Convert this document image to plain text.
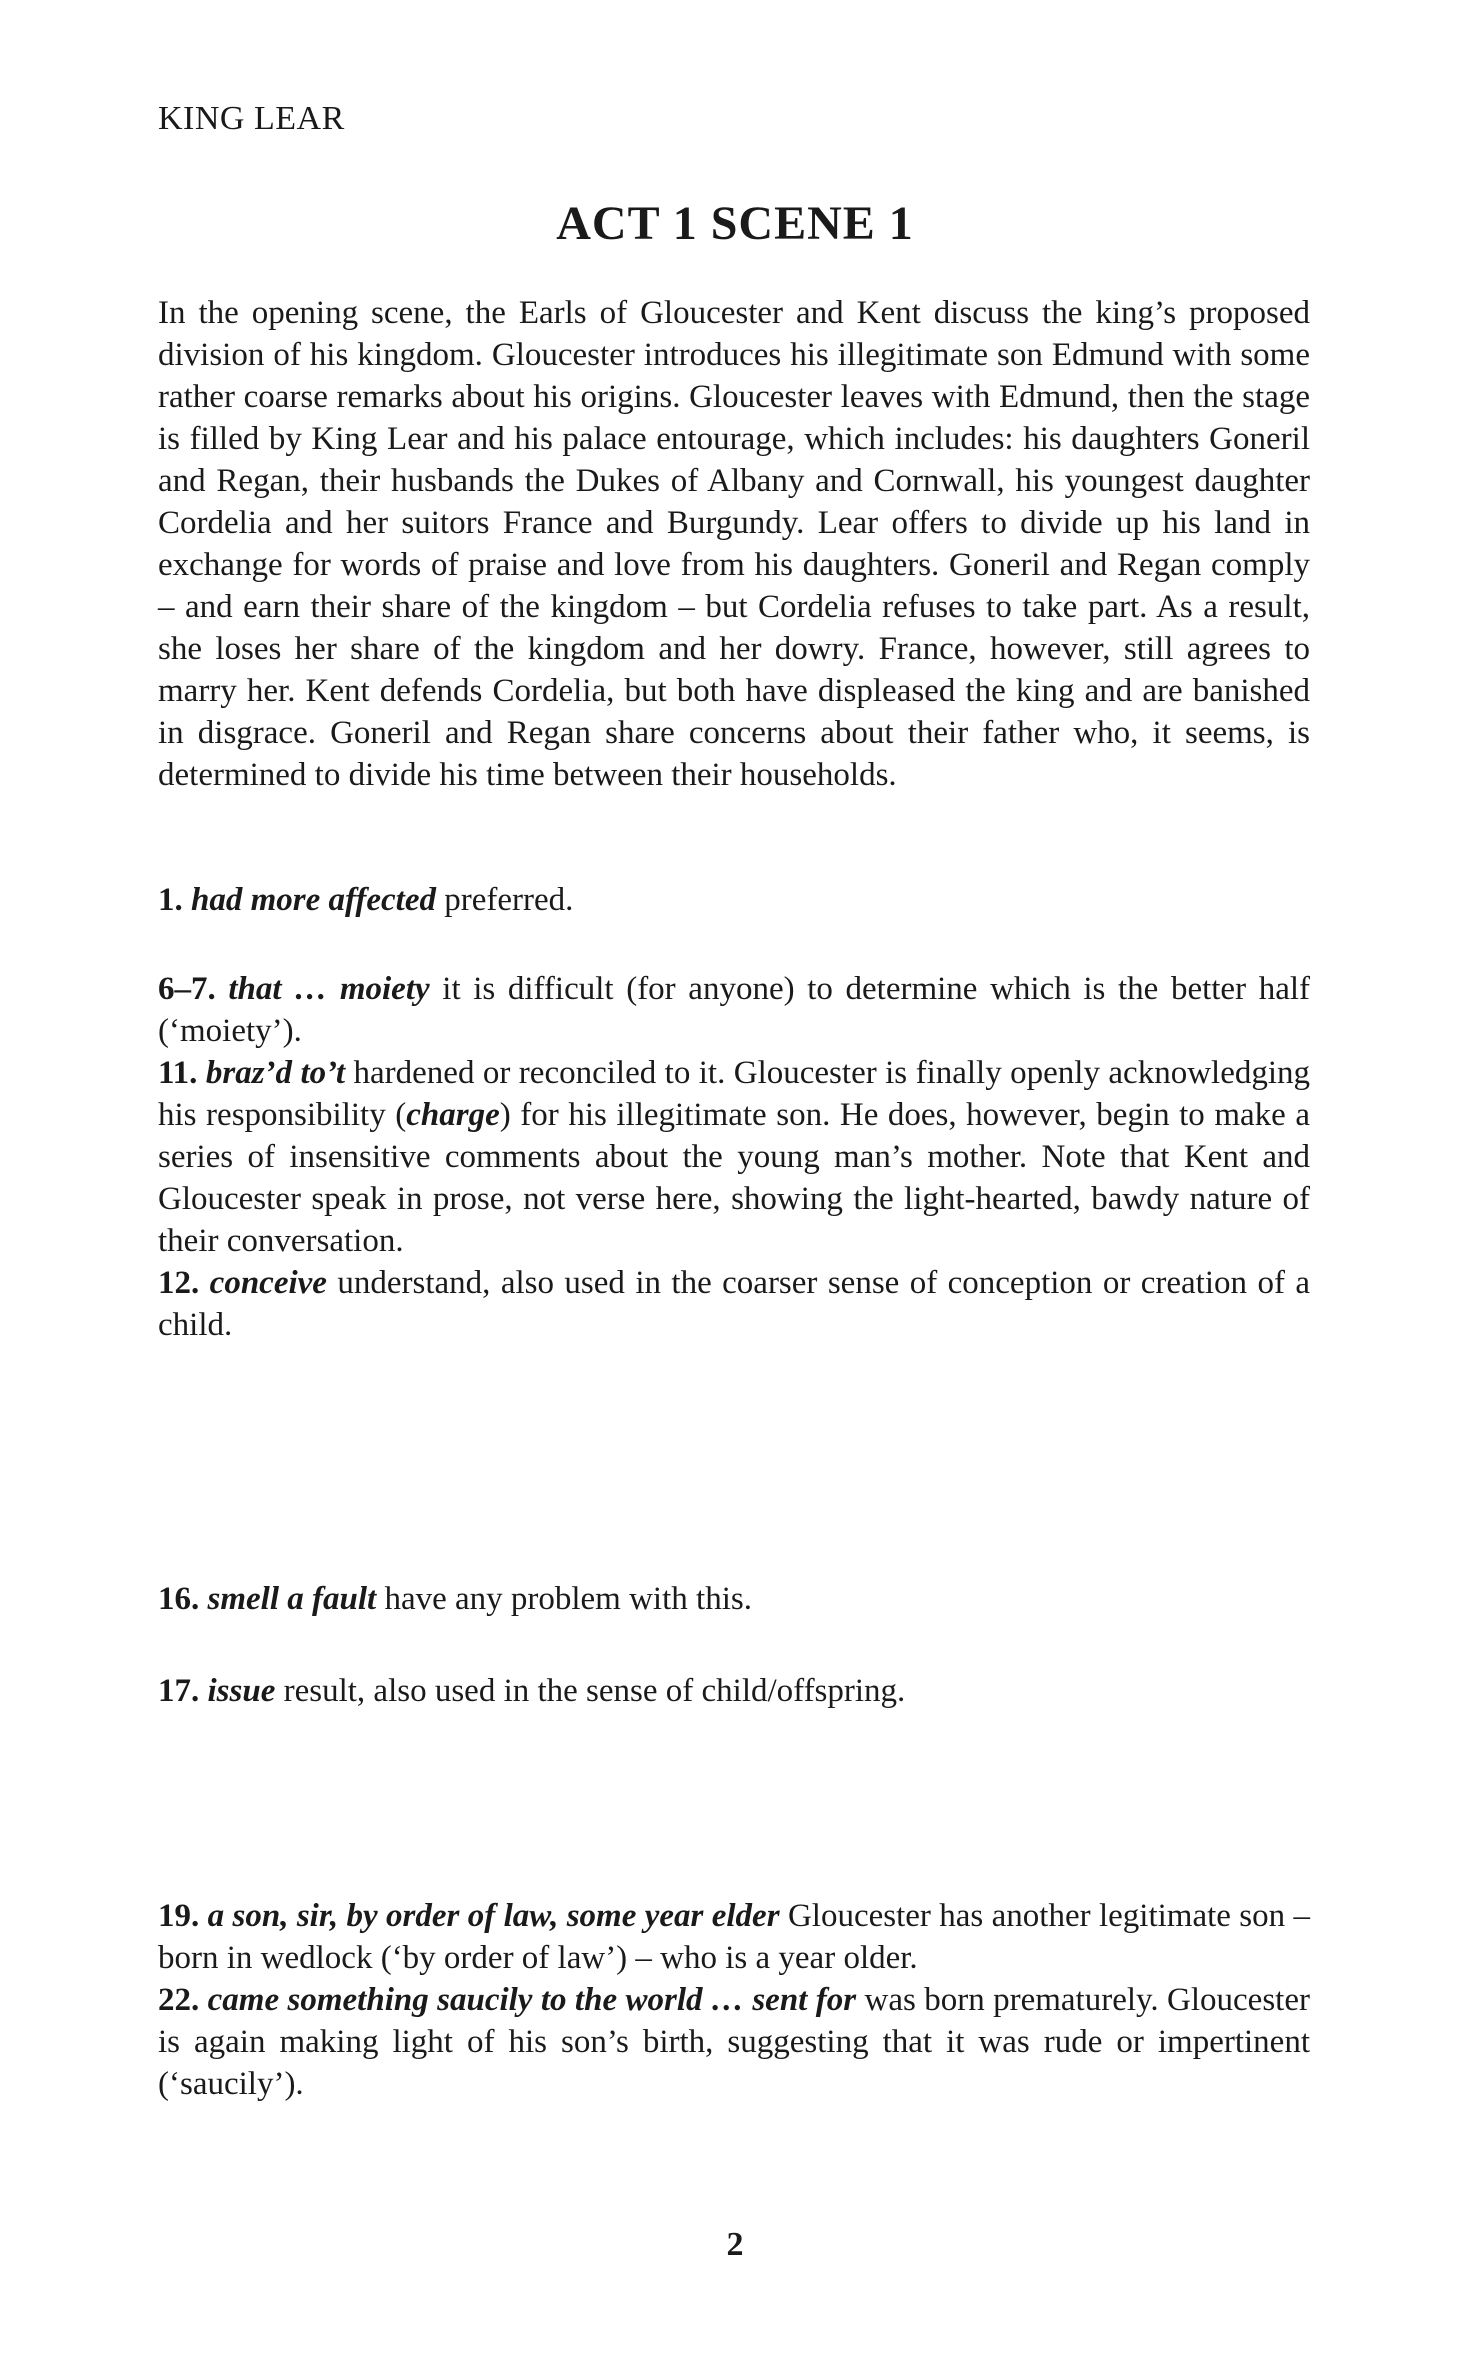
KING LEAR
ACT 1 SCENE 1

In the opening scene, the Earls of Gloucester and Kent discuss the king’s proposed division of his kingdom. Gloucester introduces his illegitimate son Edmund with some rather coarse remarks about his origins. Gloucester leaves with Edmund, then the stage is filled by King Lear and his palace entourage, which includes: his daughters Goneril and Regan, their husbands the Dukes of Albany and Cornwall, his youngest daughter Cordelia and her suitors France and Burgundy. Lear offers to divide up his land in exchange for words of praise and love from his daughters. Goneril and Regan comply – and earn their share of the kingdom – but Cordelia refuses to take part. As a result, she loses her share of the kingdom and her dowry. France, however, still agrees to marry her. Kent defends Cordelia, but both have displeased the king and are banished in disgrace. Goneril and Regan share concerns about their father who, it seems, is determined to divide his time between their households.

1. had more affected preferred.

6–7. that … moiety it is difficult (for anyone) to determine which is the better half (‘moiety’).

11. braz’d to’t hardened or reconciled to it. Gloucester is finally openly acknowledging his responsibility (charge) for his illegitimate son. He does, however, begin to make a series of insensitive comments about the young man’s mother. Note that Kent and Gloucester speak in prose, not verse here, showing the light-hearted, bawdy nature of their conversation.

12. conceive understand, also used in the coarser sense of conception or creation of a child.

16. smell a fault have any problem with this.

17. issue result, also used in the sense of child/offspring.

19. a son, sir, by order of law, some year elder Gloucester has another legitimate son – born in wedlock (‘by order of law’) – who is a year older.

22. came something saucily to the world … sent for was born prematurely. Gloucester is again making light of his son’s birth, suggesting that it was rude or impertinent (‘saucily’).

2
